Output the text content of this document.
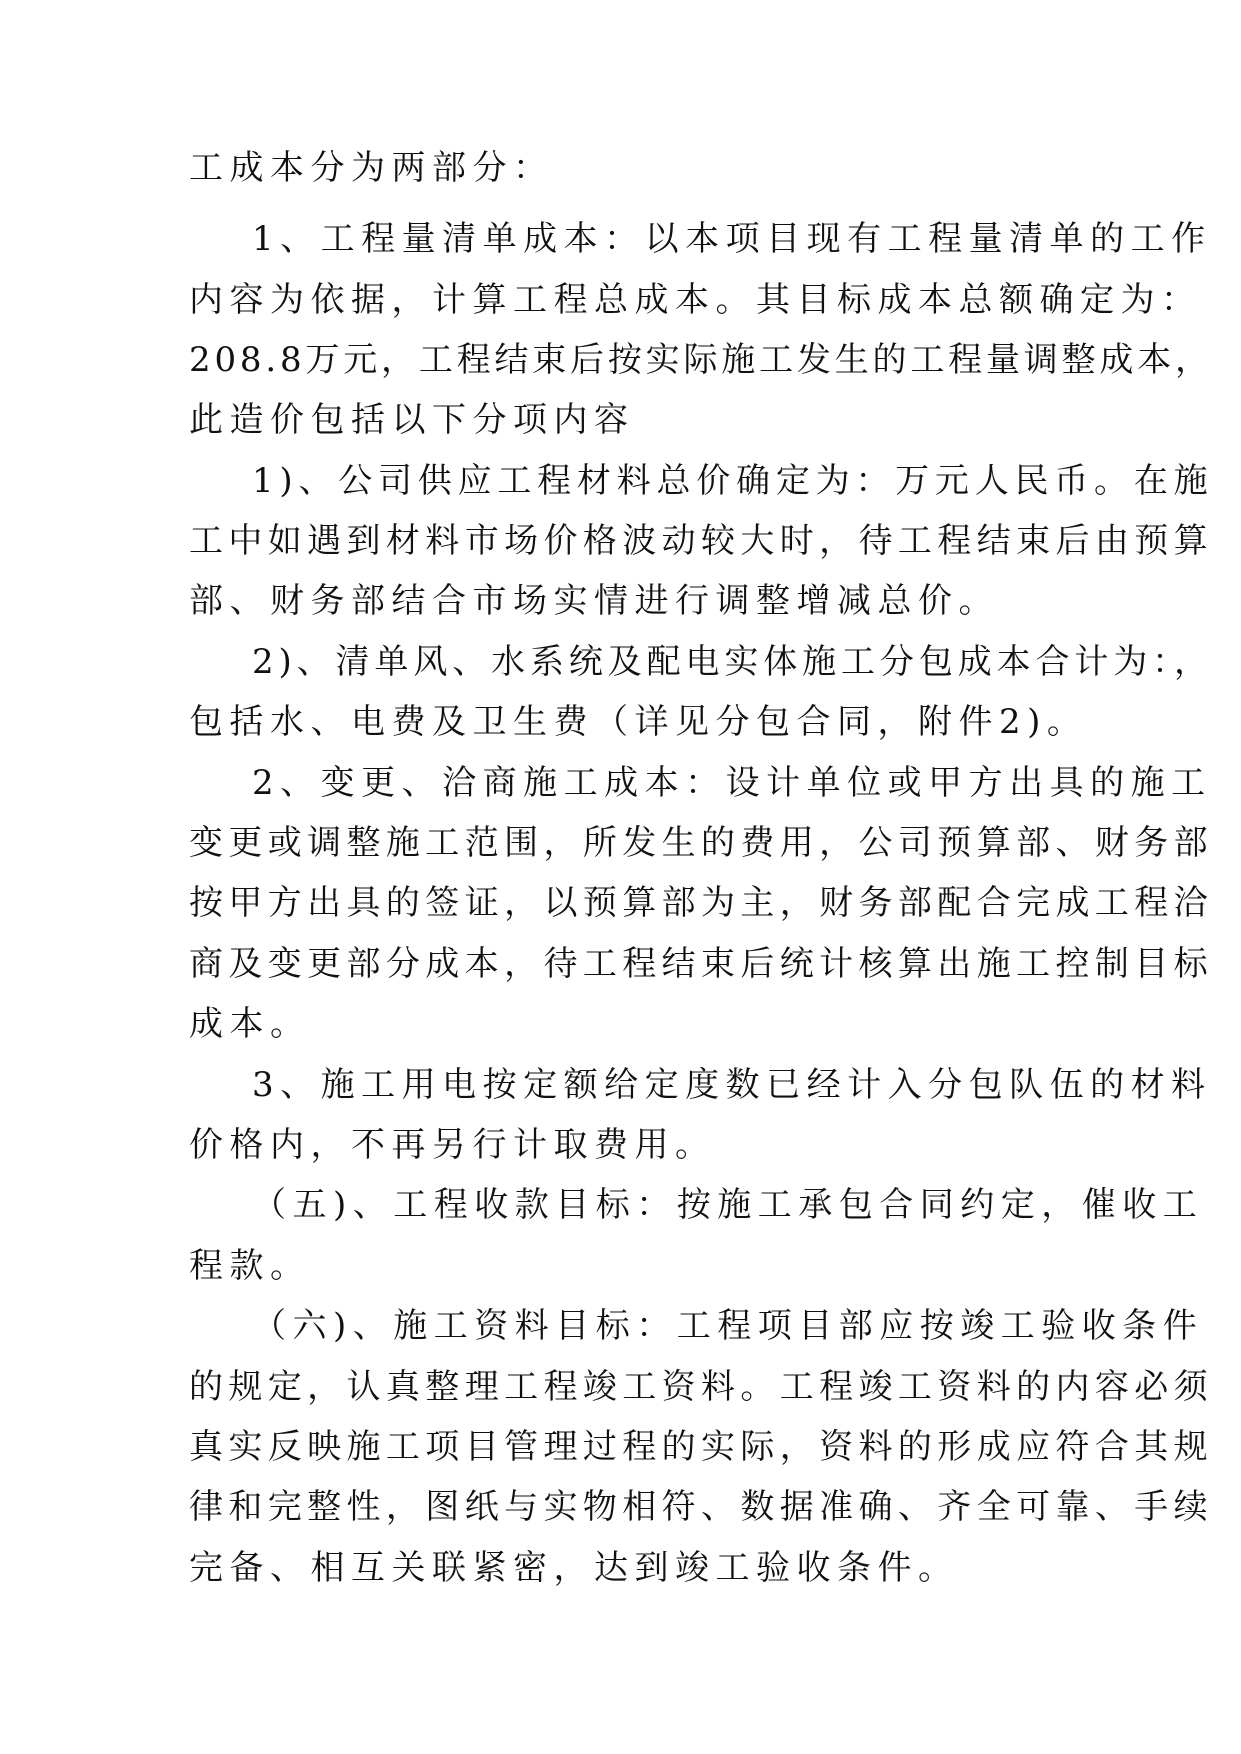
工成本分为两部分：

1、工程量清单成本：以本项目现有工程量清单的工作

内容为依据，计算工程总成本。其目标成本总额确定为：

208.8万元，工程结束后按实际施工发生的工程量调整成本，

此造价包括以下分项内容

1)、公司供应工程材料总价确定为：万元人民币。在施

工中如遇到材料市场价格波动较大时，待工程结束后由预算

部、财务部结合市场实情进行调整增减总价。

2)、清单风、水系统及配电实体施工分包成本合计为：，

包括水、电费及卫生费（详见分包合同，附件2)。

2、变更、洽商施工成本：设计单位或甲方出具的施工

变更或调整施工范围，所发生的费用，公司预算部、财务部

按甲方出具的签证，以预算部为主，财务部配合完成工程洽

商及变更部分成本，待工程结束后统计核算出施工控制目标

成本。

3、施工用电按定额给定度数已经计入分包队伍的材料

价格内，不再另行计取费用。

（五)、工程收款目标：按施工承包合同约定，催收工

程款。

（六)、施工资料目标：工程项目部应按竣工验收条件

的规定，认真整理工程竣工资料。工程竣工资料的内容必须

真实反映施工项目管理过程的实际，资料的形成应符合其规

律和完整性，图纸与实物相符、数据准确、齐全可靠、手续

完备、相互关联紧密，达到竣工验收条件。
